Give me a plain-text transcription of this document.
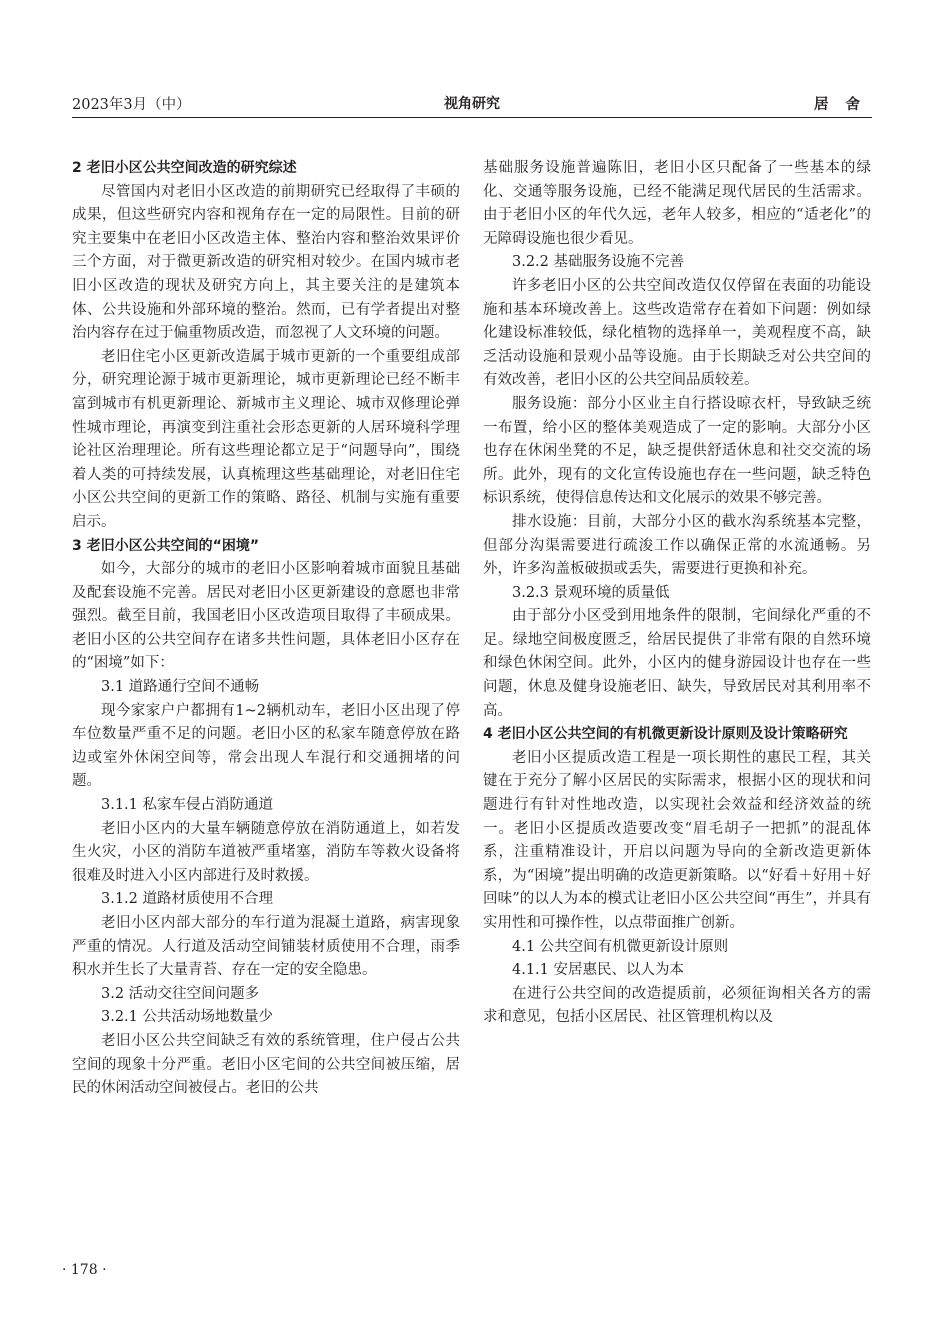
2023年3月（中）	视角研究	居 舍

2 老旧小区公共空间改造的研究综述

尽管国内对老旧小区改造的前期研究已经取得了丰硕的成果，但这些研究内容和视角存在一定的局限性。目前的研究主要集中在老旧小区改造主体、整治内容和整治效果评价三个方面，对于微更新改造的研究相对较少。在国内城市老旧小区改造的现状及研究方向上，其主要关注的是建筑本体、公共设施和外部环境的整治。然而，已有学者提出对整治内容存在过于偏重物质改造，而忽视了人文环境的问题。

老旧住宅小区更新改造属于城市更新的一个重要组成部分，研究理论源于城市更新理论，城市更新理论已经不断丰富到城市有机更新理论、新城市主义理论、城市双修理论弹性城市理论，再演变到注重社会形态更新的人居环境科学理论社区治理理论。所有这些理论都立足于“问题导向”，围绕着人类的可持续发展，认真梳理这些基础理论，对老旧住宅小区公共空间的更新工作的策略、路径、机制与实施有重要启示。

3 老旧小区公共空间的“困境”

如今，大部分的城市的老旧小区影响着城市面貌且基础及配套设施不完善。居民对老旧小区更新建设的意愿也非常强烈。截至目前，我国老旧小区改造项目取得了丰硕成果。老旧小区的公共空间存在诸多共性问题，具体老旧小区存在的“困境”如下：

3.1 道路通行空间不通畅

现今家家户户都拥有1~2辆机动车，老旧小区出现了停车位数量严重不足的问题。老旧小区的私家车随意停放在路边或室外休闲空间等，常会出现人车混行和交通拥堵的问题。

3.1.1 私家车侵占消防通道

老旧小区内的大量车辆随意停放在消防通道上，如若发生火灾，小区的消防车道被严重堵塞，消防车等救火设备将很难及时进入小区内部进行及时救援。

3.1.2 道路材质使用不合理

老旧小区内部大部分的车行道为混凝土道路，病害现象严重的情况。人行道及活动空间铺装材质使用不合理，雨季积水并生长了大量青苔、存在一定的安全隐患。

3.2 活动交往空间问题多

3.2.1 公共活动场地数量少

老旧小区公共空间缺乏有效的系统管理，住户侵占公共空间的现象十分严重。老旧小区宅间的公共空间被压缩，居民的休闲活动空间被侵占。老旧的公共

基础服务设施普遍陈旧，老旧小区只配备了一些基本的绿化、交通等服务设施，已经不能满足现代居民的生活需求。由于老旧小区的年代久远，老年人较多，相应的“适老化”的无障碍设施也很少看见。

3.2.2 基础服务设施不完善

许多老旧小区的公共空间改造仅仅停留在表面的功能设施和基本环境改善上。这些改造常存在着如下问题：例如绿化建设标准较低，绿化植物的选择单一，美观程度不高，缺乏活动设施和景观小品等设施。由于长期缺乏对公共空间的有效改善，老旧小区的公共空间品质较差。

服务设施：部分小区业主自行搭设晾衣杆，导致缺乏统一布置，给小区的整体美观造成了一定的影响。大部分小区也存在休闲坐凳的不足，缺乏提供舒适休息和社交交流的场所。此外，现有的文化宣传设施也存在一些问题，缺乏特色标识系统，使得信息传达和文化展示的效果不够完善。

排水设施：目前，大部分小区的截水沟系统基本完整，但部分沟渠需要进行疏浚工作以确保正常的水流通畅。另外，许多沟盖板破损或丢失，需要进行更换和补充。

3.2.3 景观环境的质量低

由于部分小区受到用地条件的限制，宅间绿化严重的不足。绿地空间极度匮乏，给居民提供了非常有限的自然环境和绿色休闲空间。此外，小区内的健身游园设计也存在一些问题，休息及健身设施老旧、缺失，导致居民对其利用率不高。

4 老旧小区公共空间的有机微更新设计原则及设计策略研究

老旧小区提质改造工程是一项长期性的惠民工程，其关键在于充分了解小区居民的实际需求，根据小区的现状和问题进行有针对性地改造，以实现社会效益和经济效益的统一。老旧小区提质改造要改变“眉毛胡子一把抓”的混乱体系，注重精准设计，开启以问题为导向的全新改造更新体系，为“困境”提出明确的改造更新策略。以“好看＋好用＋好回味”的以人为本的模式让老旧小区公共空间“再生”，并具有实用性和可操作性，以点带面推广创新。

4.1 公共空间有机微更新设计原则

4.1.1 安居惠民、以人为本

在进行公共空间的改造提质前，必须征询相关各方的需求和意见，包括小区居民、社区管理机构以及

· 178 ·
